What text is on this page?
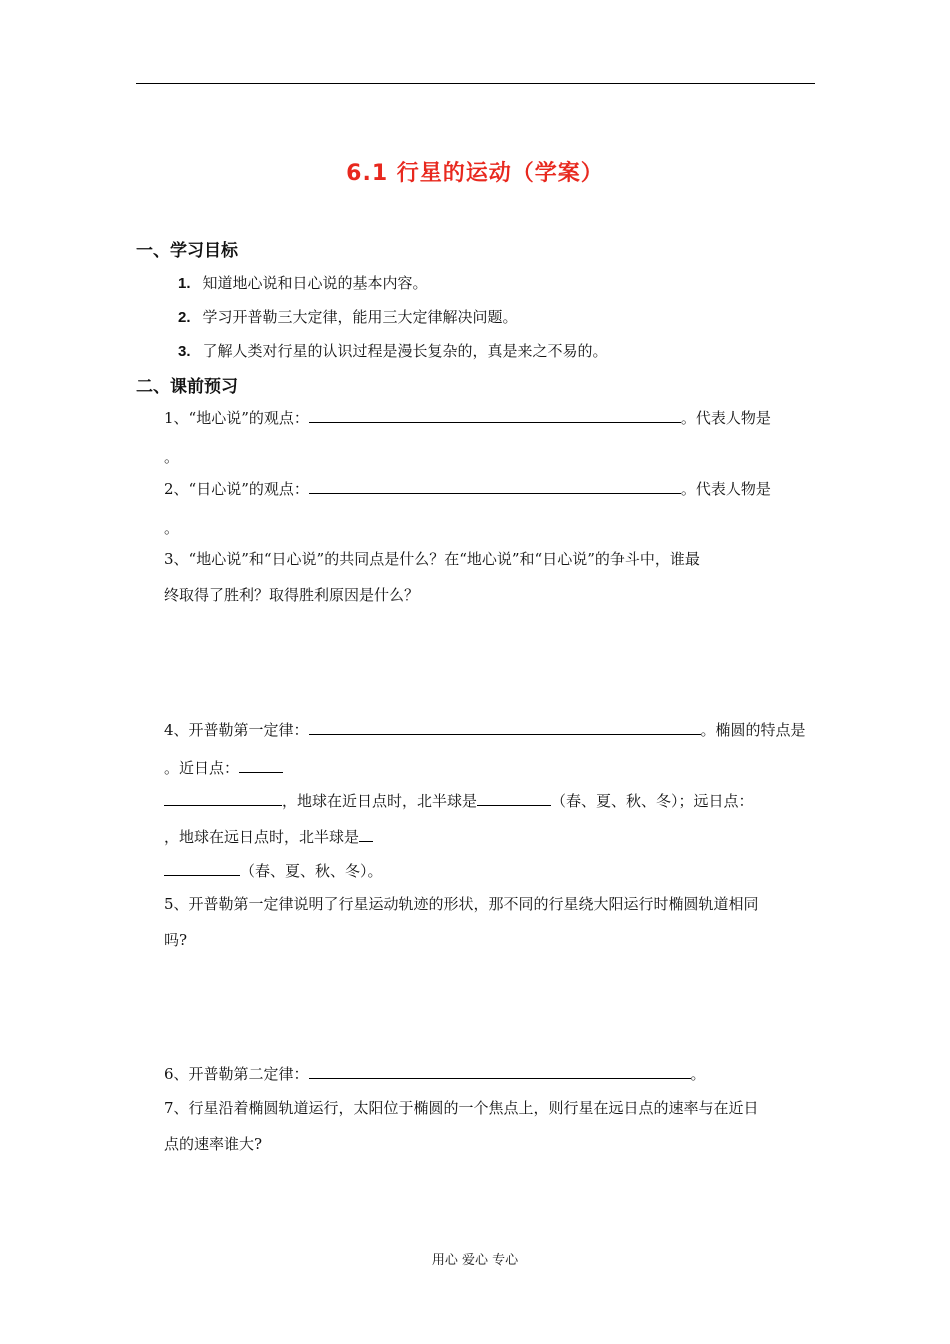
6.1 行星的运动（学案）
一、学习目标
1. 知道地心说和日心说的基本内容。
2. 学习开普勒三大定律，能用三大定律解决问题。
3. 了解人类对行星的认识过程是漫长复杂的，真是来之不易的。
二、课前预习
1、“地心说”的观点：	。代表人物是
。
2、“日心说”的观点：	。代表人物是
。
3、“地心说”和“日心说”的共同点是什么？在“地心说”和“日心说”的争斗中，谁最
终取得了胜利？取得胜利原因是什么？
4、开普勒第一定律：	。椭圆的特点是
。近日点：
，地球在近日点时，北半球是	（春、夏、秋、冬）；远日点：
，地球在远日点时，北半球是
（春、夏、秋、冬）。
5、开普勒第一定律说明了行星运动轨迹的形状，那不同的行星绕大阳运行时椭圆轨道相同
吗?
6、开普勒第二定律：	。
7、行星沿着椭圆轨道运行，太阳位于椭圆的一个焦点上，则行星在远日点的速率与在近日
点的速率谁大?
用心 爱心 专心
